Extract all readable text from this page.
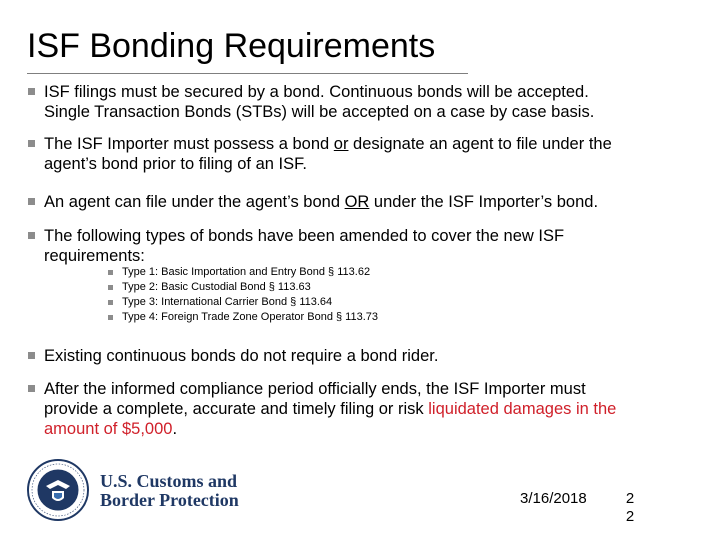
ISF Bonding Requirements
ISF filings must be secured by a bond. Continuous bonds will be accepted.
Single Transaction Bonds (STBs) will be accepted on a case by case basis.
The ISF Importer must possess a bond or designate an agent to file under the
agent’s bond prior to filing of an ISF.
An agent can file under the agent’s bond OR under the ISF Importer’s bond.
The following types of bonds have been amended to cover the new ISF
requirements:
Existing continuous bonds do not require a bond rider.
After the informed compliance period officially ends, the ISF Importer must
provide a complete, accurate and timely filing or risk liquidated damages in the
amount of $5,000.
Type 1: Basic Importation and Entry Bond § 113.62
Type 2: Basic Custodial Bond § 113.63
Type 3: International Carrier Bond § 113.64
Type 4: Foreign Trade Zone Operator Bond § 113.73
U.S. Customs and
Border Protection	3/16/2018	2
2
